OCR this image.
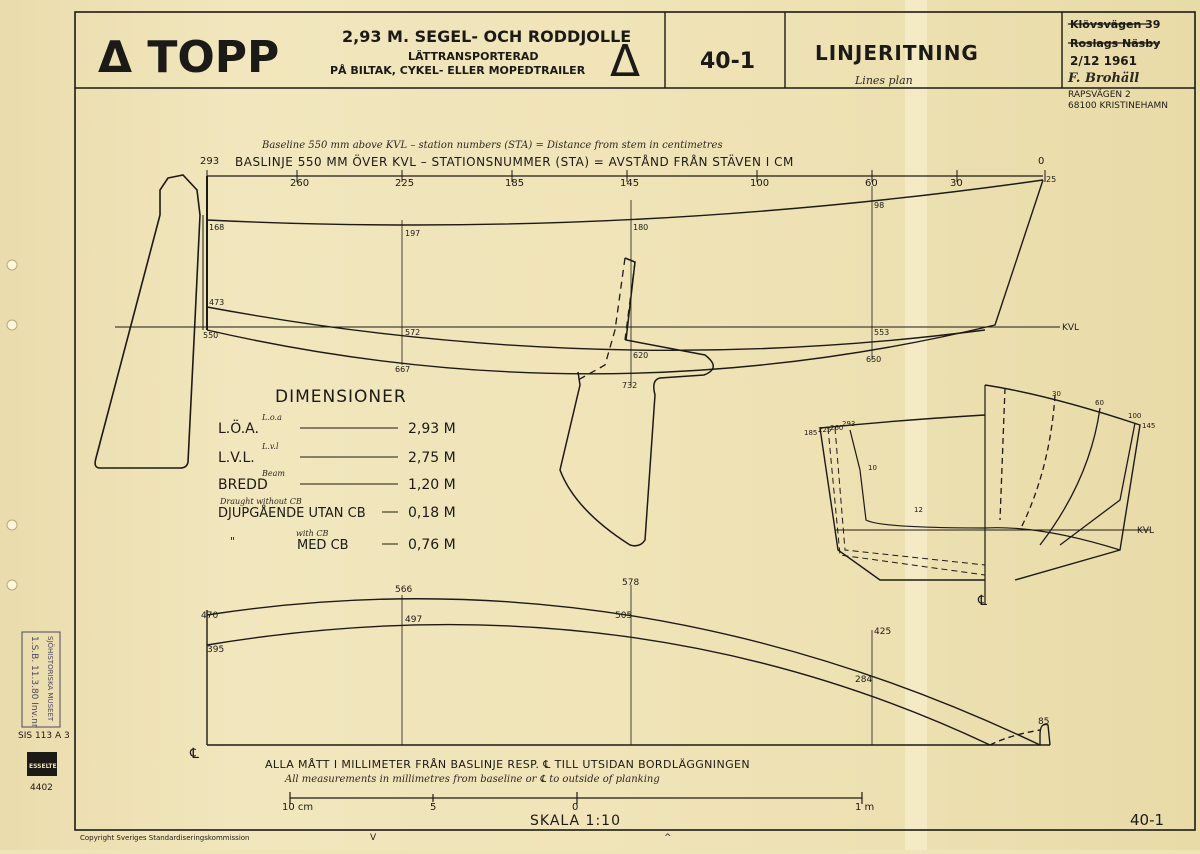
Δ TOPP	2,93 M. SEGEL- OCH RODDJOLLE
LÄTTRANSPORTERAD
PÅ BILTAK, CYKEL- ELLER MOPEDTRAILER Δ	40-1	LINJERITNING
Lines plan
Klövsvägen 39
Roslags Näsby
2/12 1961
F. Brohäll
RAPSVÄGEN 2
68100 KRISTINEHAMN
Baseline 550 mm above KVL – station numbers (STA) = Distance from stem in centimetres
BASLINJE 550 MM ÖVER KVL – STATIONSNUMMER (STA) = AVSTÅND FRÅN STÄVEN I CM
293
260	225	185	145	100	60	30
0
KVL
168
197
180
98
25
473
550	572	553
620
667
732
650
DIMENSIONER
L.Ö.A.
L.o.a
2,93 M
L.V.L.
L.v.l
2,75 M
BREDD
Beam
1,20 M
DJUPGÅENDE UTAN CB
Draught without CB
0,18 M
MED CB
with CB
"	0,76 M
185 225
260
293
30
60
100
145
10
12
KVL
℄
470
395
566
497
578
505
425
284
85
℄
ALLA MÅTT I MILLIMETER FRÅN BASLINJE RESP. ℄ TILL UTSIDAN BORDLÄGGNINGEN
All measurements in millimetres from baseline or ℄ to outside of planking
10 cm	5	0	1 m
SKALA 1:10	40-1
Copyright Sveriges Standardiseringskommission	V	^
SIS 113 A 3
ESSELTE
4402
SJÖHISTORISKA MUSEET
1.S.B. 11.3.80 Inv.nr
